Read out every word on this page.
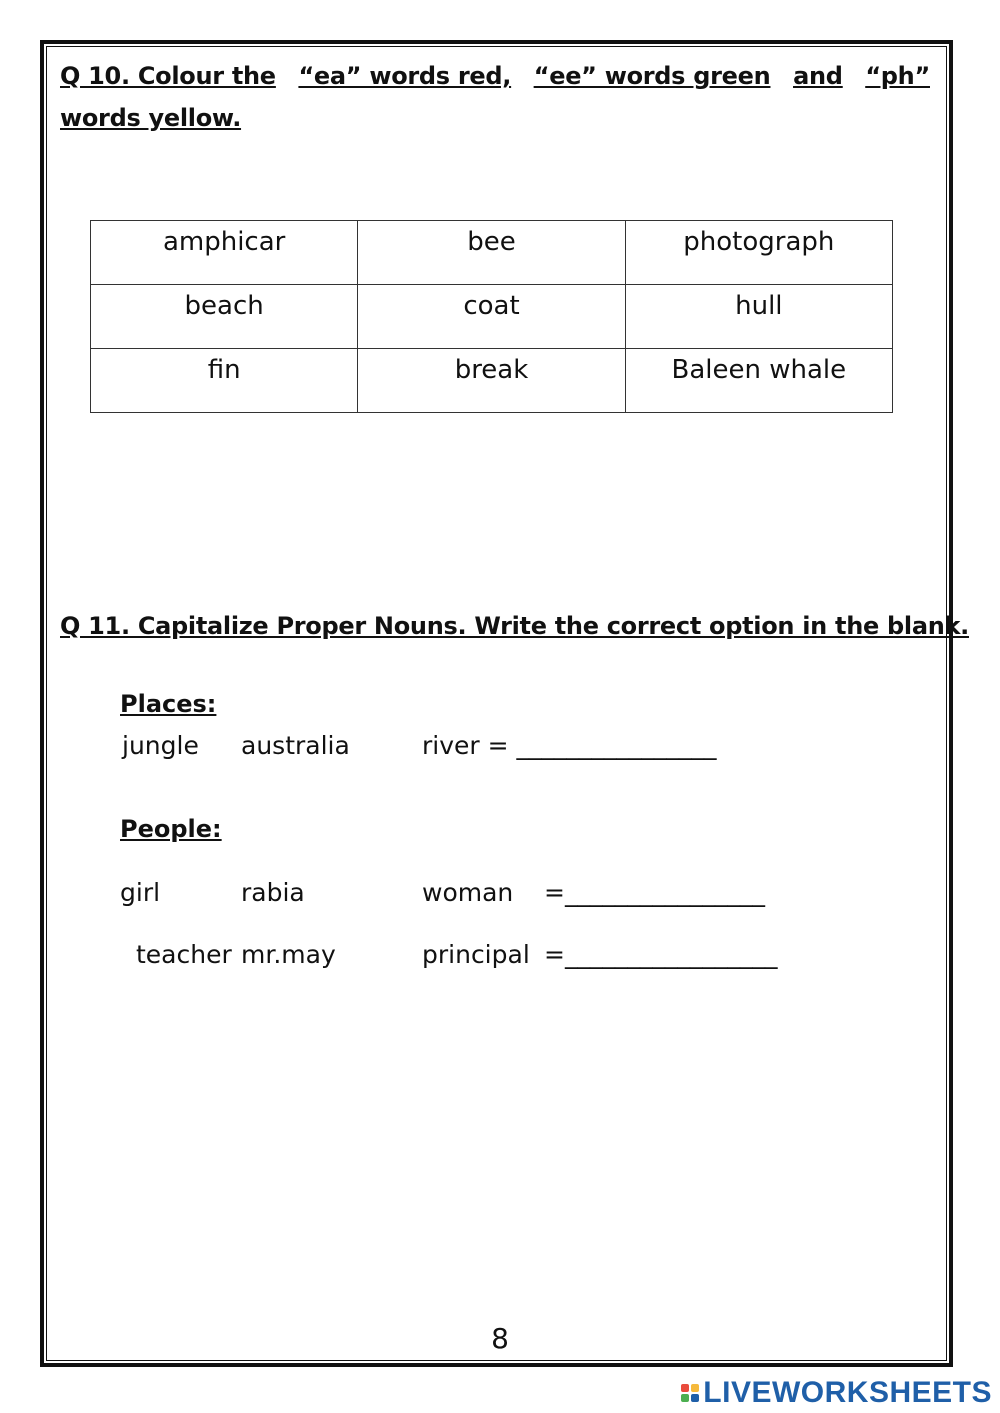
Q 10. Colour the “ea” words red, “ee” words green and “ph”
words yellow.
amphicar	bee	photograph
beach	coat	hull
fin	break	Baleen whale
Q 11. Capitalize Proper Nouns. Write the correct option in the blank.
Places:
jungle australia	river = ________________
People:
girl	rabia	woman =________________
teacher mr.may	principal =_________________
8
LIVEWORKSHEETS
